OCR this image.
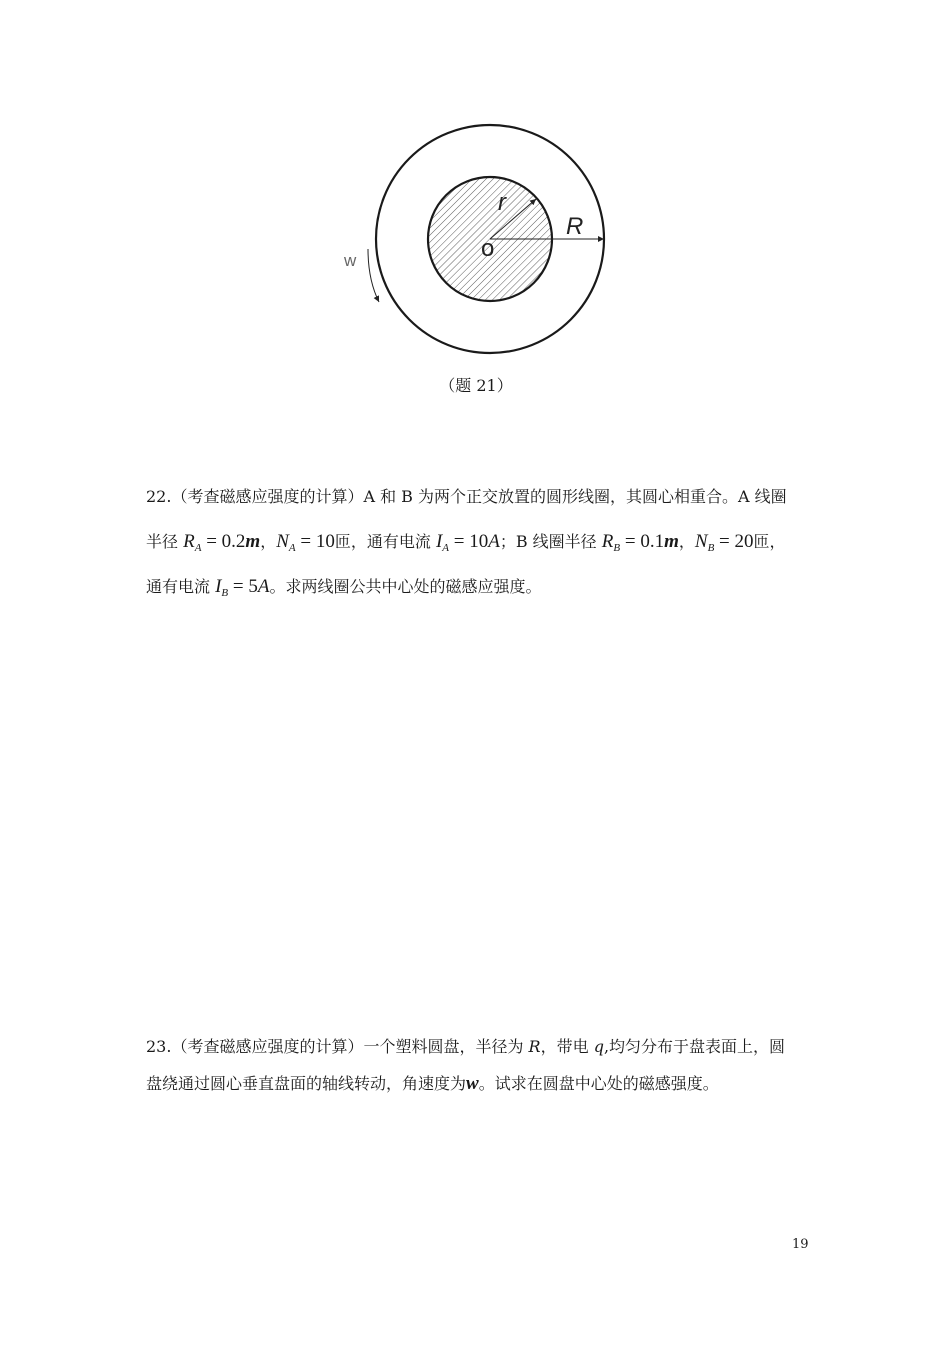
r
R
o
w
（题 21）

22.（考查磁感应强度的计算）A 和 B 为两个正交放置的圆形线圈，其圆心相重合。A 线圈

半径 $R_A = 0.2m$，$N_A = 10$匝，通有电流 $I_A = 10A$；B 线圈半径 $R_B = 0.1m$，$N_B = 20$匝，

通有电流 $I_B = 5A$。求两线圈公共中心处的磁感应强度。

23.（考查磁感应强度的计算）一个塑料圆盘，半径为 R，带电 q,均匀分布于盘表面上，圆

盘绕通过圆心垂直盘面的轴线转动，角速度为w。试求在圆盘中心处的磁感强度。

19
